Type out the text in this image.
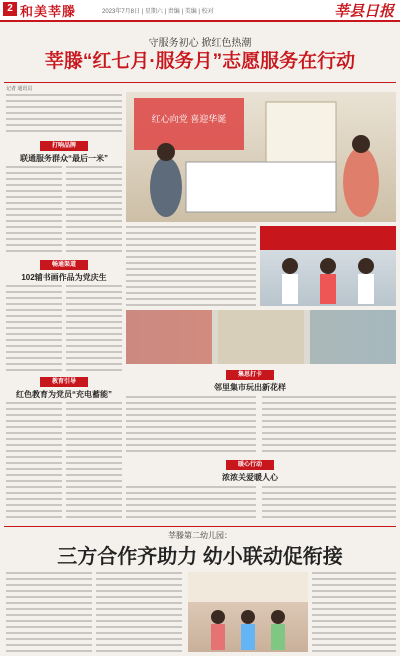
2 和美莘滕	2023年7月8日 | 星期六 | 责编 | 美编 | 校对	莘县日报
守服务初心 掀红色热潮
莘滕“红七月·服务月”志愿服务在行动
记者 通讯员
打响品牌
联通服务群众“最后一米”
畅通渠道
102辅书画作品为党庆生
教育引导
红色教育为党员“充电蓄能”
红心向党 喜迎华诞
集思打卡
邻里集市玩出新花样
暖心行动
浓浓关爱暖人心
莘滕第二幼儿园：
三方合作齐助力 幼小联动促衔接
